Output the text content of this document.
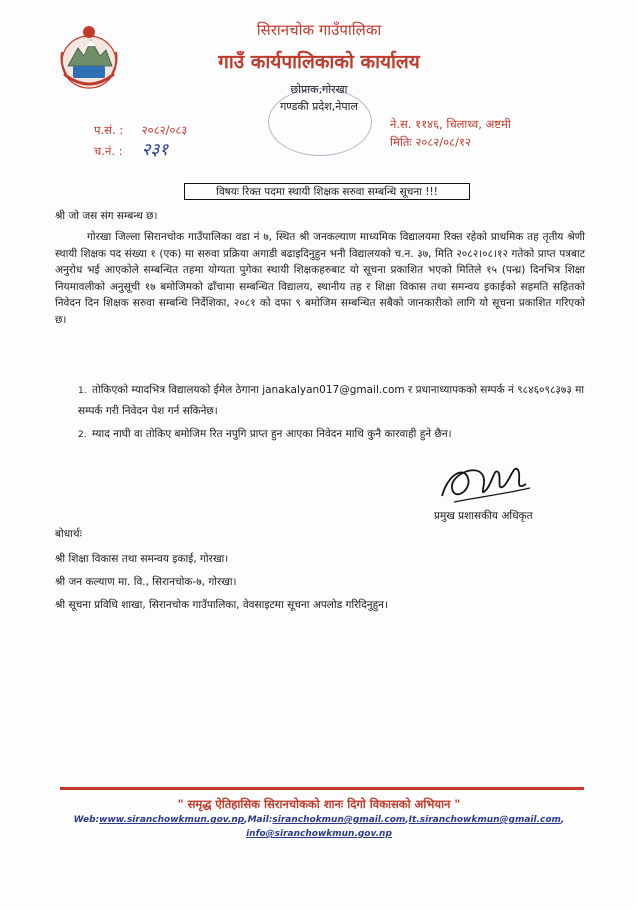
सिरानचोक गाउँपालिका
गाउँ कार्यपालिकाको कार्यालय
छोप्राक,गोरखा
गण्डकी प्रदेश,नेपाल
प.सं. : २०८२/०८३
च.नं. : २३१
ने.स. ११४६, चिलाथ्व, अष्टमी
मितिः २०८२/०८/१२
विषयः रिक्त पदमा स्थायी शिक्षक सरुवा सम्बन्धि सूचना !!!
श्री जो जस संग सम्बन्ध छ।
गोरखा जिल्ला सिरानचोक गाउँपालिका वडा नं ७, स्थित श्री जनकल्याण माध्यमिक विद्यालयमा रिक्त रहेको प्राथमिक तह तृतीय श्रेणी स्थायी शिक्षक पद संख्या १ (एक) मा सरुवा प्रक्रिया अगाडी बढाइदिनुहुन भनी विद्यालयको च.न. ३७, मिति २०८२।०८।१२ गतेको प्राप्त पत्रबाट अनुरोध भई आएकोले सम्बन्धित तहमा योग्यता पुगेका स्थायी शिक्षकहरुबाट यो सूचना प्रकाशित भएको मितिले १५ (पन्ध्र) दिनभित्र शिक्षा नियमावलीको अनुसूची १७ बमोजिमको ढाँचामा सम्बन्धित विद्यालय, स्थानीय तह र शिक्षा विकास तथा समन्वय इकाईको सहमति सहितको निवेदन दिन शिक्षक सरुवा सम्बन्धि निर्देशिका, २०८१ को दफा ९ बमोजिम सम्बन्धित सबैको जानकारीको लागि यो सूचना प्रकाशित गरिएको छ।
1. तोकिएको म्यादभित्र विद्यालयको ईमेल ठेगाना janakalyan017@gmail.com र प्रधानाध्यापकको सम्पर्क नं ९८४६०९८३७३ मा सम्पर्क गरी निवेदन पेश गर्न सकिनेछ।
2. म्याद नाघी वा तोकिए बमोजिम रित नपुगि प्राप्त हुन आएका निवेदन माथि कुनै कारवाही हुने छैन।
प्रमुख प्रशासकीय अधिकृत
बोधार्थः
श्री शिक्षा विकास तथा समन्वय इकाई, गोरखा।
श्री जन कल्याण मा. वि., सिरानचोक-७, गोरखा।
श्री सूचना प्रविधि शाखा, सिरानचोक गाउँपालिका, वेवसाइटमा सूचना अपलोड गरिदिनुहुन।
" समृद्ध ऐतिहासिक सिरानचोकको शानः दिगो विकासको अभियान "
Web:www.siranchowkmun.gov.np,Mail:siranchokmun@gmail.com,It.siranchowkmun@gmail.com,
info@siranchowkmun.gov.np
